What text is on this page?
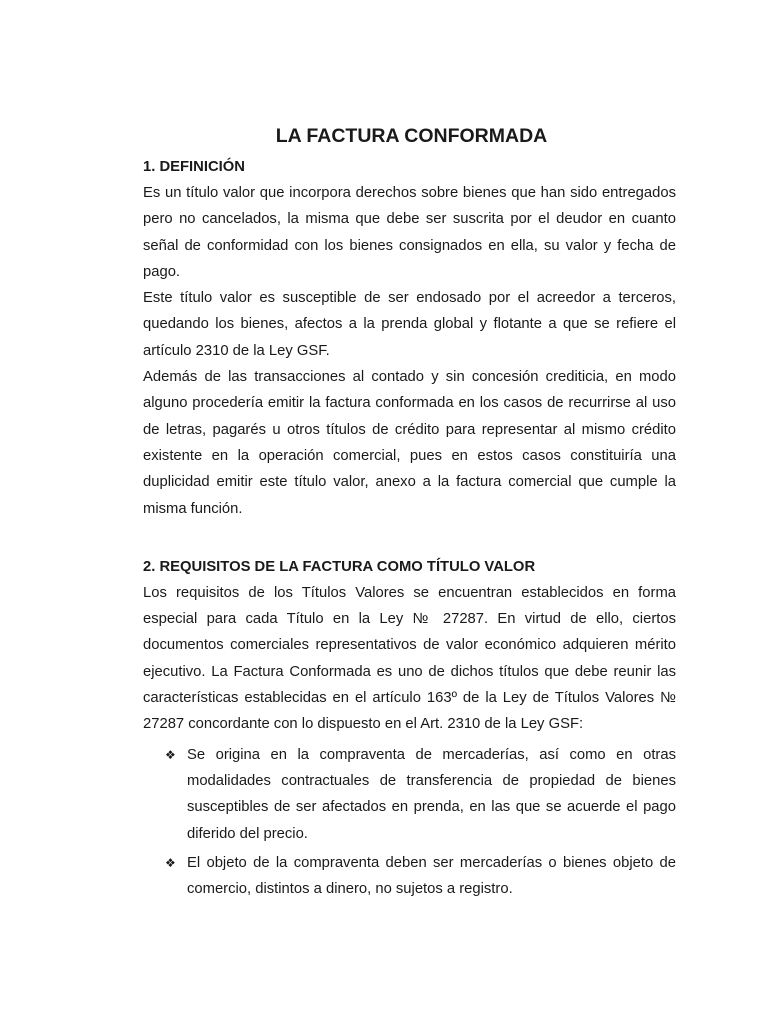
LA FACTURA CONFORMADA
1. DEFINICIÓN

Es un título valor que incorpora derechos sobre bienes que han sido entregados pero no cancelados, la misma que debe ser suscrita por el deudor en cuanto señal de conformidad con los bienes consignados en ella, su valor y fecha de pago.

Este título valor es susceptible de ser endosado por el acreedor a terceros, quedando los bienes, afectos a la prenda global y flotante a que se refiere el artículo 2310 de la Ley GSF.

Además de las transacciones al contado y sin concesión crediticia, en modo alguno procedería emitir la factura conformada en los casos de recurrirse al uso de letras, pagarés u otros títulos de crédito para representar al mismo crédito existente en la operación comercial, pues en estos casos constituiría una duplicidad emitir este título valor, anexo a la factura comercial que cumple la misma función.

2. REQUISITOS DE LA FACTURA COMO TÍTULO VALOR

Los requisitos de los Títulos Valores se encuentran establecidos en forma especial para cada Título en la Ley № 27287. En virtud de ello, ciertos documentos comerciales representativos de valor económico adquieren mérito ejecutivo. La Factura Conformada es uno de dichos títulos que debe reunir las características establecidas en el artículo 163º de la Ley de Títulos Valores № 27287 concordante con lo dispuesto en el Art. 2310 de la Ley GSF:

❖ Se origina en la compraventa de mercaderías, así como en otras modalidades contractuales de transferencia de propiedad de bienes susceptibles de ser afectados en prenda, en las que se acuerde el pago diferido del precio.

❖ El objeto de la compraventa deben ser mercaderías o bienes objeto de comercio, distintos a dinero, no sujetos a registro.
